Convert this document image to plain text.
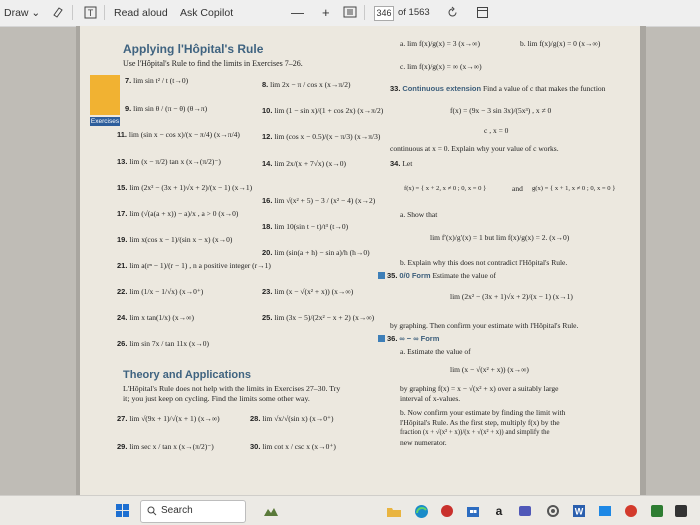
Draw ⌄	T Read aloud Ask Copilot	— +	346 of 1563
Applying l'Hôpital's Rule
Use l'Hôpital's Rule to find the limits in Exercises 7–26.
Exercises
7. lim sin t² / t (t→0)	8. lim 2x − π / cos x (x→π/2)
9. lim sin θ / (π − θ) (θ→π)	10. lim (1 − sin x)/(1 + cos 2x) (x→π/2)
11. lim (sin x − cos x)/(x − π/4) (x→π/4)	12. lim (cos x − 0.5)/(x − π/3) (x→π/3)
13. lim (x − π/2) tan x (x→(π/2)⁻)	14. lim 2x/(x + 7√x) (x→0)
15. lim (2x² − (3x + 1)√x + 2)/(x − 1) (x→1)
16. lim √(x² + 5) − 3 / (x² − 4) (x→2)
17. lim (√(a(a + x)) − a)/x , a > 0 (x→0)
18. lim 10(sin t − t)/t³ (t→0)
19. lim x(cos x − 1)/(sin x − x) (x→0)
20. lim (sin(a + h) − sin a)/h (h→0)
21. lim a(rⁿ − 1)/(r − 1) , n a positive integer (r→1)
22. lim (1/x − 1/√x) (x→0⁺)	23. lim (x − √(x² + x)) (x→∞)
24. lim x tan(1/x) (x→∞)	25. lim (3x − 5)/(2x² − x + 2) (x→∞)
26. lim sin 7x / tan 11x (x→0)
Theory and Applications
L'Hôpital's Rule does not help with the limits in Exercises 27–30. Try
it; you just keep on cycling. Find the limits some other way.
27. lim √(9x + 1)/√(x + 1) (x→∞)	28. lim √x/√(sin x) (x→0⁺)
29. lim sec x / tan x (x→(π/2)⁻)	30. lim cot x / csc x (x→0⁺)
a. lim f(x)/g(x) = 3 (x→∞)	b. lim f(x)/g(x) = 0 (x→∞)
c. lim f(x)/g(x) = ∞ (x→∞)
33. Continuous extension Find a value of c that makes the function
f(x) = (9x − 3 sin 3x)/(5x³) , x ≠ 0
c , x = 0
continuous at x = 0. Explain why your value of c works.
34. Let
f(x) = { x + 2, x ≠ 0 ; 0, x = 0 }	and g(x) = { x + 1, x ≠ 0 ; 0, x = 0 }
a. Show that
lim f′(x)/g′(x) = 1 but lim f(x)/g(x) = 2. (x→0)
b. Explain why this does not contradict l'Hôpital's Rule.
35. 0/0 Form Estimate the value of
lim (2x² − (3x + 1)√x + 2)/(x − 1) (x→1)
by graphing. Then confirm your estimate with l'Hôpital's Rule.
36. ∞ − ∞ Form
a. Estimate the value of
lim (x − √(x² + x)) (x→∞)
by graphing f(x) = x − √(x² + x) over a suitably large
interval of x-values.
b. Now confirm your estimate by finding the limit with
l'Hôpital's Rule. As the first step, multiply f(x) by the
fraction (x + √(x² + x))/(x + √(x² + x)) and simplify the
new numerator.
Search	a	W
